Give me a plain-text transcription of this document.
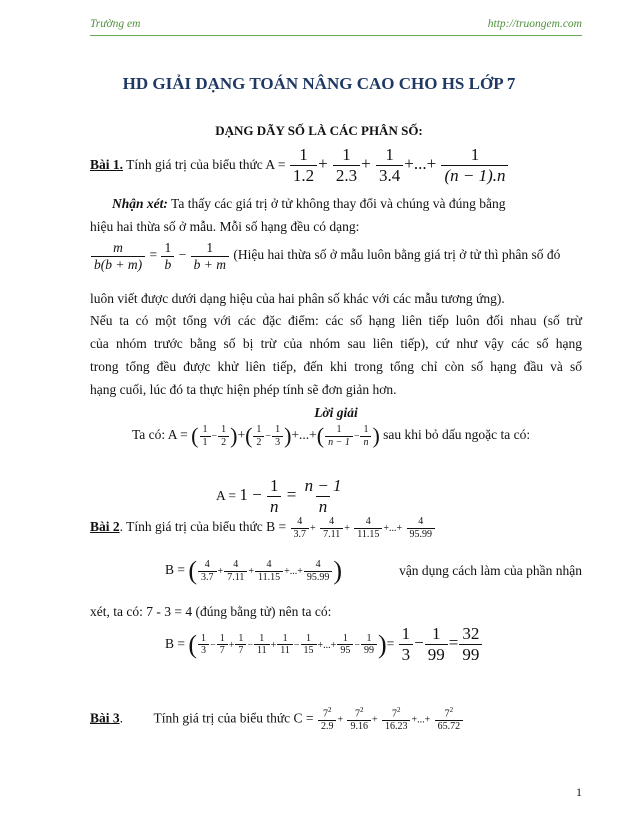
Trường em	http://truongem.com
HD GIẢI DẠNG TOÁN NÂNG CAO CHO HS LỚP 7
DẠNG DÃY SỐ LÀ CÁC PHÂN SỐ:
Bài 1. Tính giá trị của biểu thức $A = \frac{1}{1.2} + \frac{1}{2.3} + \frac{1}{3.4}$ +...+ $\frac{1}{(n - 1).n}$
Nhận xét: Ta thấy các giá trị ở tử không thay đổi và chúng và đúng bằng
hiệu hai thừa số ở mẫu. Mỗi số hạng đều có dạng:
$\frac{m}{b(b + m)} = \frac{1}{b} - \frac{1}{b + m}$ (Hiệu hai thừa số ở mẫu luôn bằng giá trị ở tử thì phân số đó
luôn viết được dưới dạng hiệu của hai phân số khác với các mẫu tương ứng).
Nếu ta có một tổng với các đặc điểm: các số hạng liên tiếp luôn đối nhau (số trừ
của nhóm trước bằng số bị trừ của nhóm sau liên tiếp), cứ như vậy các số hạng
trong tổng đều được khử liên tiếp, đến khi trong tổng chỉ còn số hạng đầu và số
hạng cuối, lúc đó ta thực hiện phép tính sẽ đơn giản hơn.
Lời giải
Ta có: A = ( $\frac{1}{1} - \frac{1}{2}$ )+( $\frac{1}{2} - \frac{1}{3}$ )+...+( $\frac{1}{n - 1} - \frac{1}{n}$ ) sau khi bỏ dấu ngoặc ta có:
$A = 1 - \frac{1}{n} = \frac{n - 1}{n}$
Bài 2. Tính giá trị của biểu thức $B = \frac{4}{3.7} + \frac{4}{7.11} + \frac{4}{11.15}$ +...+ $\frac{4}{95.99}$
B = ( $\frac{4}{3.7} + \frac{4}{7.11} + \frac{4}{11.15}$ +...+ $\frac{4}{95.99}$ )	vận dụng cách làm của phần nhận
xét, ta có: 7 - 3 = 4 (đúng bằng tử) nên ta có:
B = ( $\frac{1}{3} - \frac{1}{7} + \frac{1}{7} - \frac{1}{11} + \frac{1}{11} - \frac{1}{15}$ +...+ $\frac{1}{95} - \frac{1}{99}$ )= $\frac{1}{3} - \frac{1}{99} = \frac{32}{99}$
Bài 3. Tính giá trị của biểu thức $C = \frac{7^2}{2.9} + \frac{7^2}{9.16} + \frac{7^2}{16.23}$ +...+ $\frac{7^2}{65.72}$
1
